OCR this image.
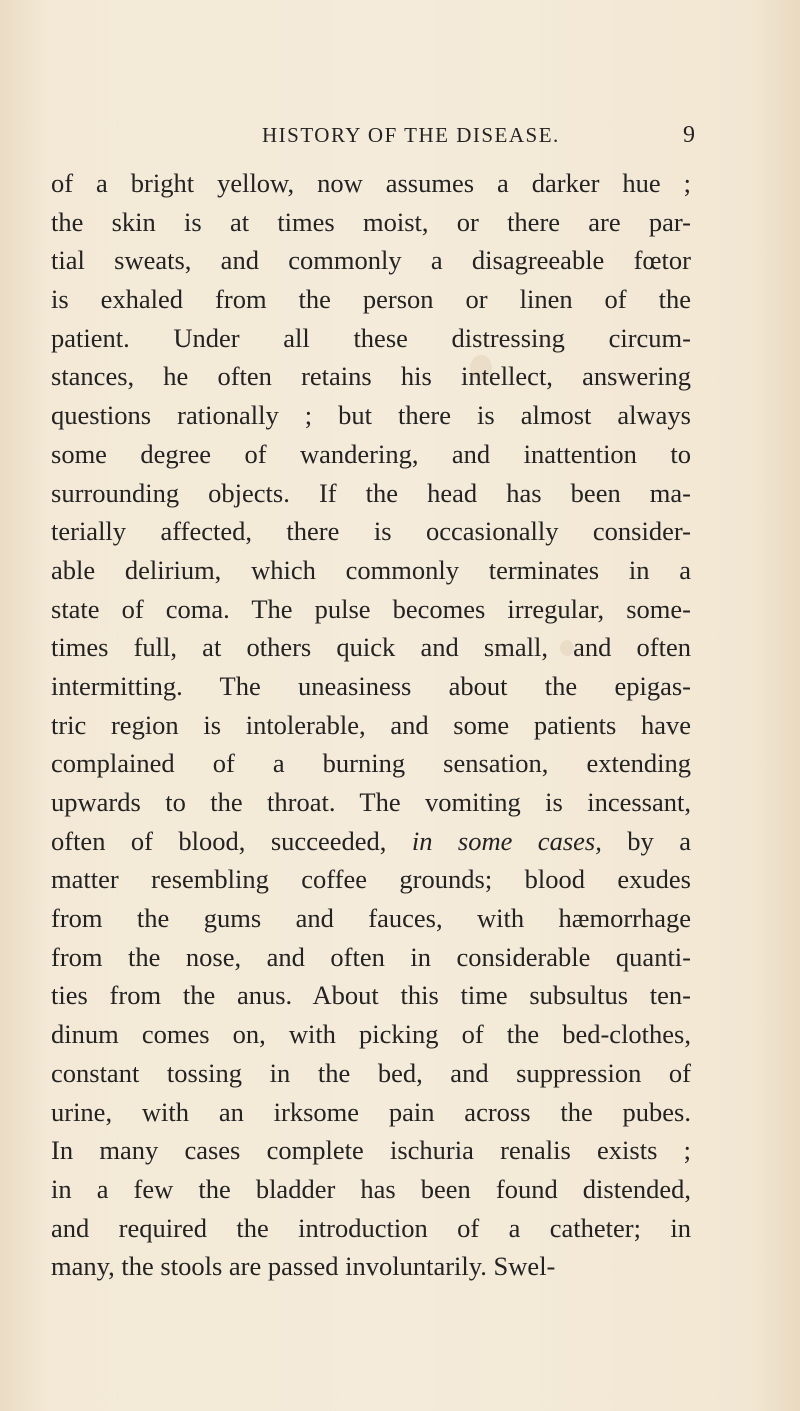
HISTORY OF THE DISEASE.	9
of a bright yellow, now assumes a darker hue ;
the skin is at times moist, or there are par-
tial sweats, and commonly a disagreeable fœtor
is exhaled from the person or linen of the
patient. Under all these distressing circum-
stances, he often retains his intellect, answering
questions rationally ; but there is almost always
some degree of wandering, and inattention to
surrounding objects. If the head has been ma-
terially affected, there is occasionally consider-
able delirium, which commonly terminates in a
state of coma. The pulse becomes irregular, some-
times full, at others quick and small, and often
intermitting. The uneasiness about the epigas-
tric region is intolerable, and some patients have
complained of a burning sensation, extending
upwards to the throat. The vomiting is incessant,
often of blood, succeeded, in some cases, by a
matter resembling coffee grounds; blood exudes
from the gums and fauces, with hæmorrhage
from the nose, and often in considerable quanti-
ties from the anus. About this time subsultus ten-
dinum comes on, with picking of the bed-clothes,
constant tossing in the bed, and suppression of
urine, with an irksome pain across the pubes.
In many cases complete ischuria renalis exists ;
in a few the bladder has been found distended,
and required the introduction of a catheter; in
many, the stools are passed involuntarily. Swel-
